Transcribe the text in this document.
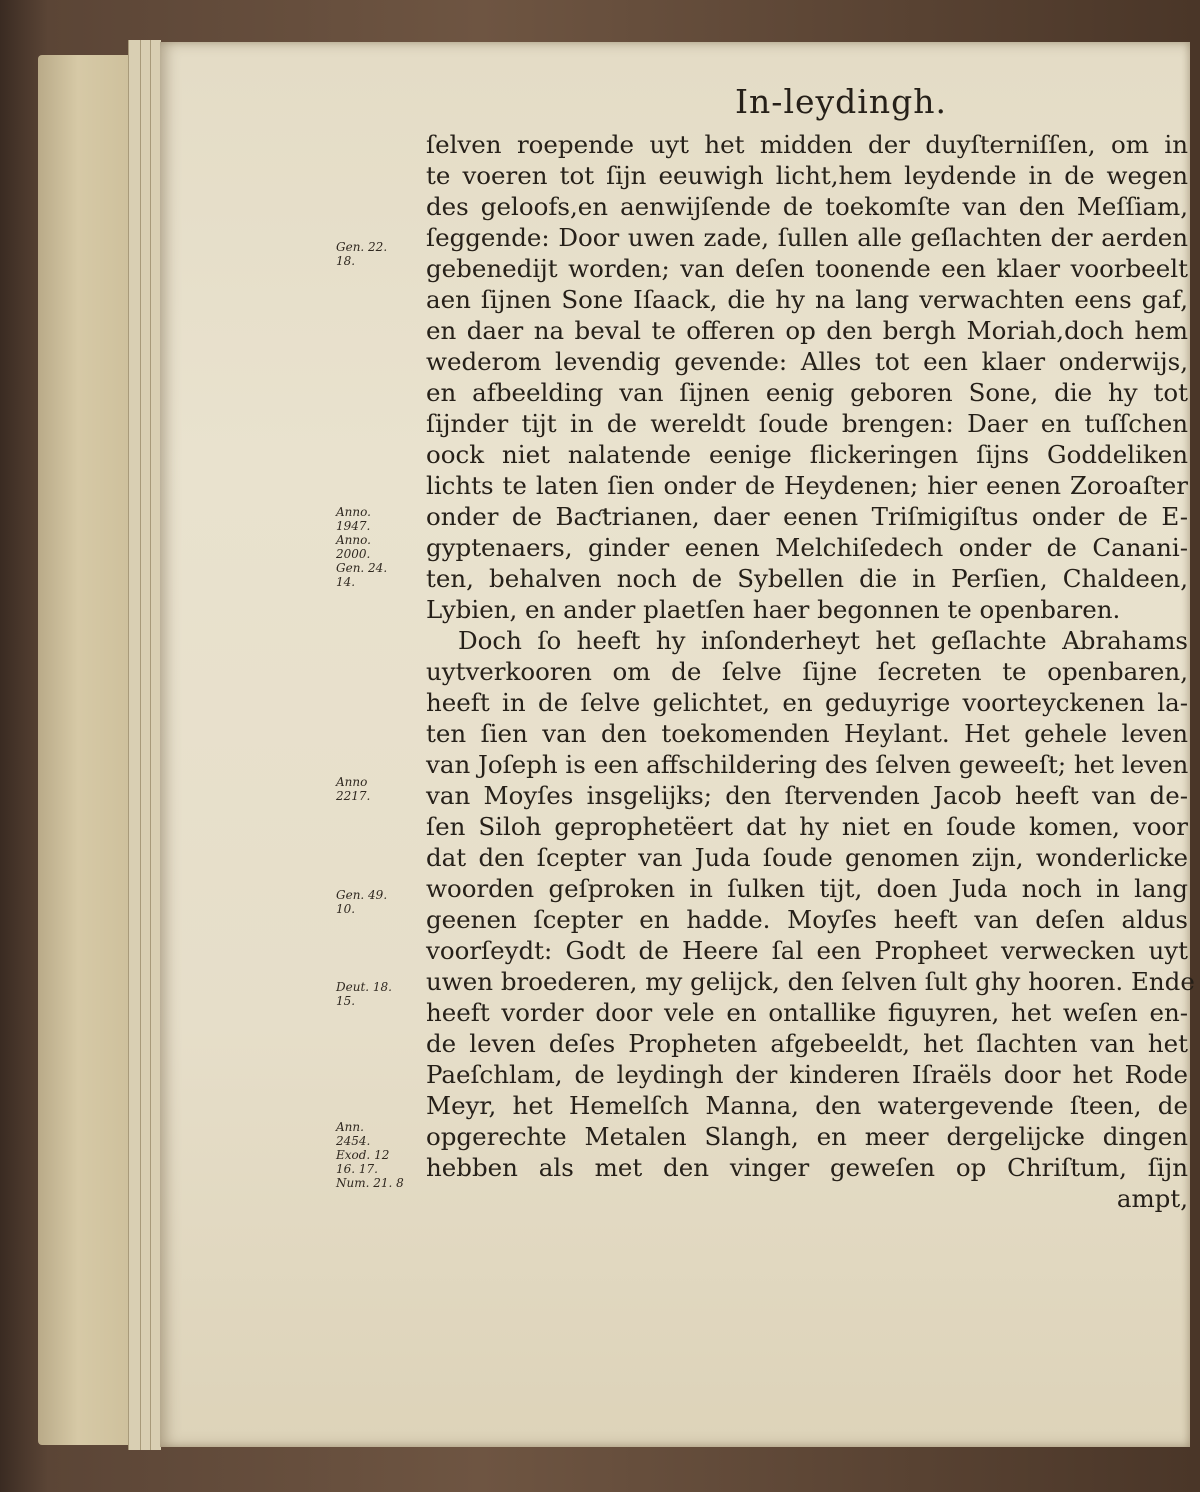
In-leydingh.
ſelven roepende uyt het midden der duyſterniſſen, om in
te voeren tot ſijn eeuwigh licht,hem leydende in de wegen
des geloofs,en aenwijſende de toekomſte van den Meſſiam,
ſeggende: Door uwen zade, ſullen alle geſlachten der aerden
gebenedijt worden; van deſen toonende een klaer voorbeelt
aen ſijnen Sone Iſaack, die hy na lang verwachten eens gaf,
en daer na beval te offeren op den bergh Moriah,doch hem
wederom levendig gevende: Alles tot een klaer onderwijs,
en afbeelding van ſijnen eenig geboren Sone, die hy tot
ſijnder tijt in de wereldt ſoude brengen: Daer en tuſſchen
oock niet nalatende eenige flickeringen ſijns Goddeliken
lichts te laten ſien onder de Heydenen; hier eenen Zoroaſter
onder de Baƈtrianen, daer eenen Triſmigiſtus onder de E-
gyptenaers, ginder eenen Melchiſedech onder de Canani-
ten, behalven noch de Sybellen die in Perſien, Chaldeen,
Lybien, en ander plaetſen haer begonnen te openbaren.
Doch ſo heeft hy inſonderheyt het geſlachte Abrahams
uytverkooren om de ſelve ſijne ſecreten te openbaren,
heeft in de ſelve gelichtet, en geduyrige voorteyckenen la-
ten ſien van den toekomenden Heylant. Het gehele leven
van Joſeph is een affschildering des ſelven geweeſt; het leven
van Moyſes insgelijks; den ſtervenden Jacob heeft van de-
ſen Siloh geprophetëert dat hy niet en ſoude komen, voor
dat den ſcepter van Juda ſoude genomen zijn, wonderlicke
woorden geſproken in ſulken tijt, doen Juda noch in lang
geenen ſcepter en hadde. Moyſes heeft van deſen aldus
voorſeydt: Godt de Heere ſal een Propheet verwecken uyt
uwen broederen, my gelijck, den ſelven ſult ghy hooren. Ende
heeft vorder door vele en ontallike figuyren, het weſen en-
de leven deſes Propheten afgebeeldt, het ſlachten van het
Paeſchlam, de leydingh der kinderen Iſraëls door het Rode
Meyr, het Hemelſch Manna, den watergevende ſteen, de
opgerechte Metalen Slangh, en meer dergelijcke dingen
hebben als met den vinger geweſen op Chriſtum, ſijn
ampt,
Gen. 22.
18.
Anno.
1947.
Anno.
2000.
Gen. 24.
14.
Anno
2217.
Gen. 49.
10.
Deut. 18.
15.
Ann.
2454.
Exod. 12
16. 17.
Num. 21. 8
